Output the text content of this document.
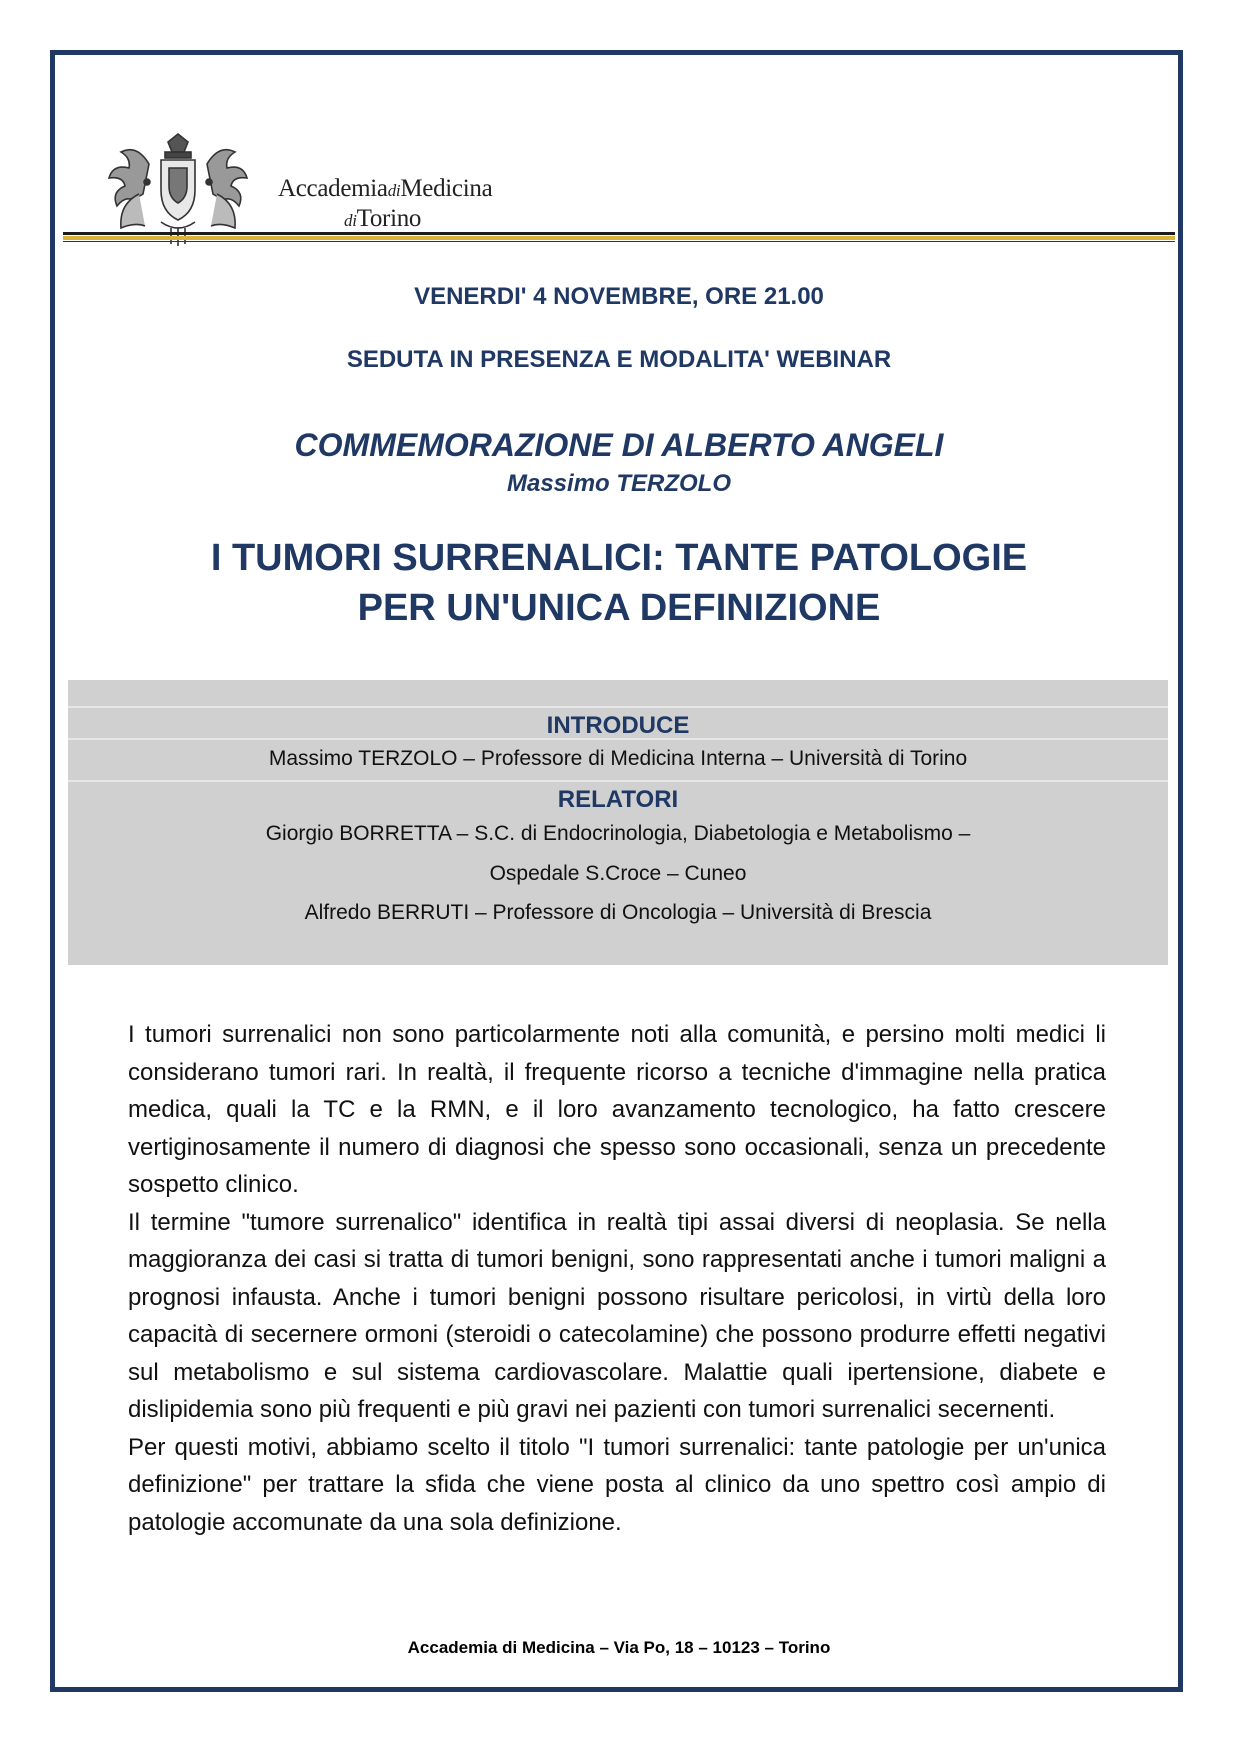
AccademiadiMedicina
diTorino
VENERDI' 4 NOVEMBRE, ORE 21.00
SEDUTA IN PRESENZA E MODALITA' WEBINAR
COMMEMORAZIONE DI ALBERTO ANGELI
Massimo TERZOLO
I TUMORI SURRENALICI: TANTE PATOLOGIE
PER UN'UNICA DEFINIZIONE
INTRODUCE
Massimo TERZOLO – Professore di Medicina Interna – Università di Torino
RELATORI
Giorgio BORRETTA – S.C. di Endocrinologia, Diabetologia e Metabolismo –
Ospedale S.Croce – Cuneo
Alfredo BERRUTI – Professore di Oncologia – Università di Brescia

I tumori surrenalici non sono particolarmente noti alla comunità, e persino molti medici li considerano tumori rari. In realtà, il frequente ricorso a tecniche d'immagine nella pratica medica, quali la TC e la RMN, e il loro avanzamento tecnologico, ha fatto crescere vertiginosamente il numero di diagnosi che spesso sono occasionali, senza un precedente sospetto clinico.

Il termine "tumore surrenalico" identifica in realtà tipi assai diversi di neoplasia. Se nella maggioranza dei casi si tratta di tumori benigni, sono rappresentati anche i tumori maligni a prognosi infausta. Anche i tumori benigni possono risultare pericolosi, in virtù della loro capacità di secernere ormoni (steroidi o catecolamine) che possono produrre effetti negativi sul metabolismo e sul sistema cardiovascolare. Malattie quali ipertensione, diabete e dislipidemia sono più frequenti e più gravi nei pazienti con tumori surrenalici secernenti.

Per questi motivi, abbiamo scelto il titolo "I tumori surrenalici: tante patologie per un'unica definizione" per trattare la sfida che viene posta al clinico da uno spettro così ampio di patologie accomunate da una sola definizione.

Accademia di Medicina – Via Po, 18 – 10123 – Torino
